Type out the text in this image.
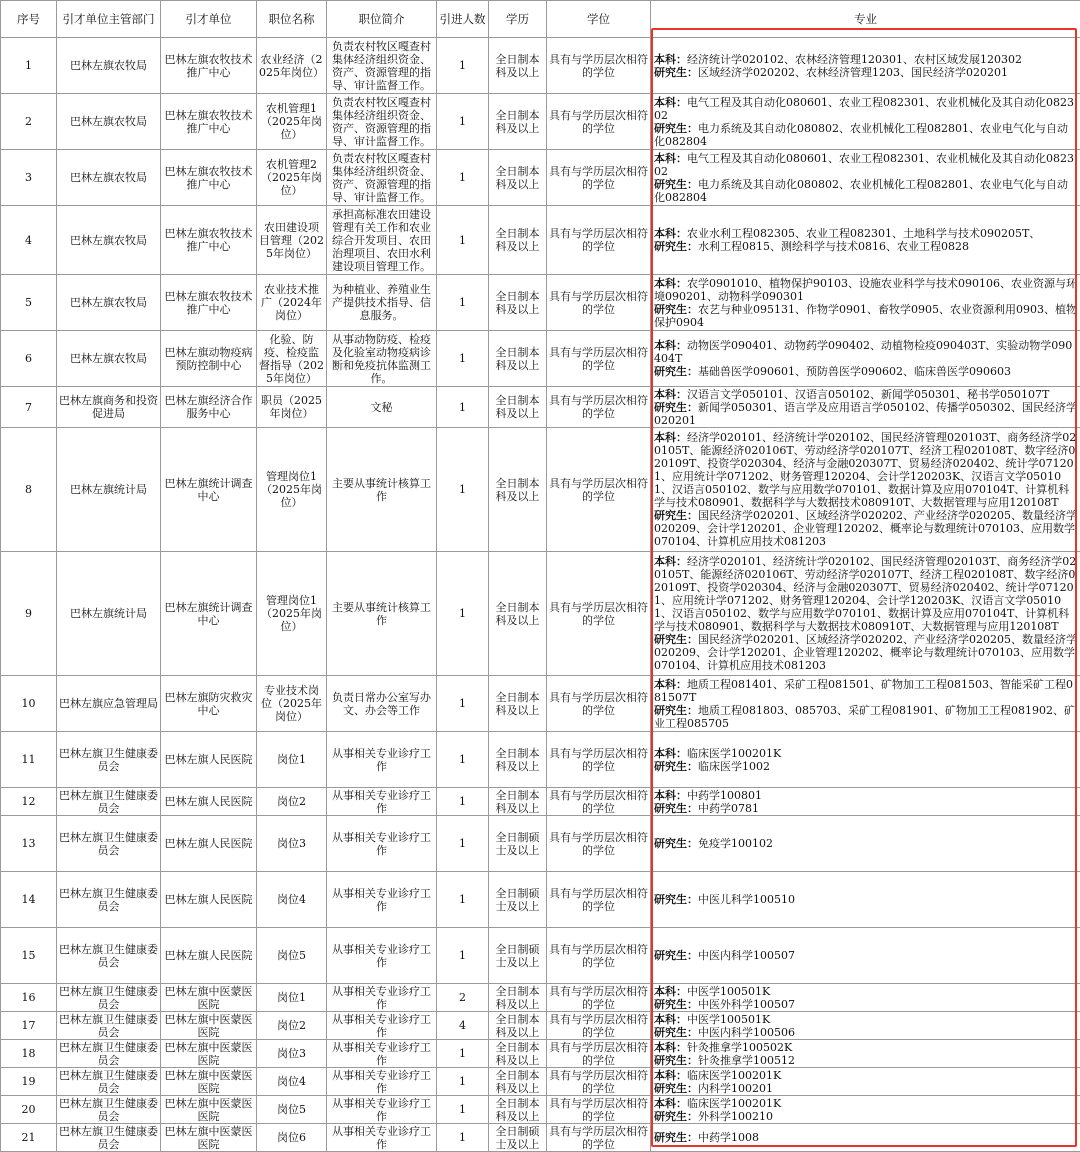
序号	引才单位主管部门	引才单位	职位名称	职位简介	引进人数	学历	学位	专业
1	巴林左旗农牧局	巴林左旗农牧技术推广中心	农业经济（2025年岗位）	负责农村牧区嘎查村集体经济组织资金、资产、资源管理的指导、审计监督工作。	1	全日制本科及以上	具有与学历层次相符的学位	本科：经济统计学020102、农林经济管理120301、农村区域发展120302
研究生：区域经济学020202、农林经济管理1203、国民经济学020201

2	巴林左旗农牧局	巴林左旗农牧技术推广中心	农机管理1（2025年岗位）	负责农村牧区嘎查村集体经济组织资金、资产、资源管理的指导、审计监督工作。	1	全日制本科及以上	具有与学历层次相符的学位	本科：电气工程及其自动化080601、农业工程082301、农业机械化及其自动化082302
研究生：电力系统及其自动化080802、农业机械化工程082801、农业电气化与自动化082804

3	巴林左旗农牧局	巴林左旗农牧技术推广中心	农机管理2（2025年岗位）	负责农村牧区嘎查村集体经济组织资金、资产、资源管理的指导、审计监督工作。	1	全日制本科及以上	具有与学历层次相符的学位	本科：电气工程及其自动化080601、农业工程082301、农业机械化及其自动化082302
研究生：电力系统及其自动化080802、农业机械化工程082801、农业电气化与自动化082804

4	巴林左旗农牧局	巴林左旗农牧技术推广中心	农田建设项目管理（2025年岗位）	承担高标准农田建设管理有关工作和农业综合开发项目、农田治理项目、农田水利建设项目管理工作。	1	全日制本科及以上	具有与学历层次相符的学位	本科：农业水利工程082305、农业工程082301、土地科学与技术090205T、
研究生：水利工程0815、测绘科学与技术0816、农业工程0828

5	巴林左旗农牧局	巴林左旗农牧技术推广中心	农业技术推广（2024年岗位）	为种植业、养殖业生产提供技术指导、信息服务。	1	全日制本科及以上	具有与学历层次相符的学位	本科：农学0901010、植物保护90103、设施农业科学与技术090106、农业资源与环境090201、动物科学090301
研究生：农艺与种业095131、作物学0901、畜牧学0905、农业资源利用0903、植物保护0904

6	巴林左旗农牧局	巴林左旗动物疫病预防控制中心	化验、防疫、检疫监督指导（2025年岗位）	从事动物防疫、检疫及化验室动物疫病诊断和免疫抗体监测工作。	1	全日制本科及以上	具有与学历层次相符的学位	本科：动物医学090401、动物药学090402、动植物检疫090403T、实验动物学090404T
研究生：基础兽医学090601、预防兽医学090602、临床兽医学090603

7	巴林左旗商务和投资促进局	巴林左旗经济合作服务中心	职员（2025年岗位）	文秘	1	全日制本科及以上	具有与学历层次相符的学位	本科：汉语言文学050101、汉语言050102、新闻学050301、秘书学050107T
研究生：新闻学050301、语言学及应用语言学050102、传播学050302、国民经济学020201

8	巴林左旗统计局	巴林左旗统计调查中心	管理岗位1（2025年岗位）	主要从事统计核算工作	1	全日制本科及以上	具有与学历层次相符的学位	本科：经济学020101、经济统计学020102、国民经济管理020103T、商务经济学020105T、能源经济020106T、劳动经济学020107T、经济工程020108T、数字经济020109T、投资学020304、经济与金融020307T、贸易经济020402、统计学071201、应用统计学071202、财务管理120204、会计学120203K、汉语言文学050101、汉语言050102、数学与应用数学070101、数据计算及应用070104T、计算机科学与技术080901、数据科学与大数据技术080910T、大数据管理与应用120108T
研究生：国民经济学020201、区域经济学020202、产业经济学020205、数量经济学020209、会计学120201、企业管理120202、概率论与数理统计070103、应用数学070104、计算机应用技术081203

9	巴林左旗统计局	巴林左旗统计调查中心	管理岗位1（2025年岗位）	主要从事统计核算工作	1	全日制本科及以上	具有与学历层次相符的学位	本科：经济学020101、经济统计学020102、国民经济管理020103T、商务经济学020105T、能源经济020106T、劳动经济学020107T、经济工程020108T、数字经济020109T、投资学020304、经济与金融020307T、贸易经济020402、统计学071201、应用统计学071202、财务管理120204、会计学120203K、汉语言文学050101、汉语言050102、数学与应用数学070101、数据计算及应用070104T、计算机科学与技术080901、数据科学与大数据技术080910T、大数据管理与应用120108T
研究生：国民经济学020201、区域经济学020202、产业经济学020205、数量经济学020209、会计学120201、企业管理120202、概率论与数理统计070103、应用数学070104、计算机应用技术081203

10	巴林左旗应急管理局	巴林左旗防灾救灾中心	专业技术岗位（2025年岗位）	负责日常办公室写办文、办会等工作	1	全日制本科及以上	具有与学历层次相符的学位	本科：地质工程081401、采矿工程081501、矿物加工工程081503、智能采矿工程081507T
研究生：地质工程081803、085703、采矿工程081901、矿物加工工程081902、矿业工程085705

11	巴林左旗卫生健康委员会	巴林左旗人民医院	岗位1	从事相关专业诊疗工作	1	全日制本科及以上	具有与学历层次相符的学位	本科：临床医学100201K
研究生：临床医学1002

12	巴林左旗卫生健康委员会	巴林左旗人民医院	岗位2	从事相关专业诊疗工作	1	全日制本科及以上	具有与学历层次相符的学位	本科：中药学100801
研究生：中药学0781

13	巴林左旗卫生健康委员会	巴林左旗人民医院	岗位3	从事相关专业诊疗工作	1	全日制硕士及以上	具有与学历层次相符的学位	研究生：免疫学100102

14	巴林左旗卫生健康委员会	巴林左旗人民医院	岗位4	从事相关专业诊疗工作	1	全日制硕士及以上	具有与学历层次相符的学位	研究生：中医儿科学100510

15	巴林左旗卫生健康委员会	巴林左旗人民医院	岗位5	从事相关专业诊疗工作	1	全日制硕士及以上	具有与学历层次相符的学位	研究生：中医内科学100507

16	巴林左旗卫生健康委员会	巴林左旗中医蒙医医院	岗位1	从事相关专业诊疗工作	2	全日制本科及以上	具有与学历层次相符的学位	本科：中医学100501K
研究生：中医外科学100507

17	巴林左旗卫生健康委员会	巴林左旗中医蒙医医院	岗位2	从事相关专业诊疗工作	4	全日制本科及以上	具有与学历层次相符的学位	本科：中医学100501K
研究生：中医内科学100506

18	巴林左旗卫生健康委员会	巴林左旗中医蒙医医院	岗位3	从事相关专业诊疗工作	1	全日制本科及以上	具有与学历层次相符的学位	本科：针灸推拿学100502K
研究生：针灸推拿学100512

19	巴林左旗卫生健康委员会	巴林左旗中医蒙医医院	岗位4	从事相关专业诊疗工作	1	全日制本科及以上	具有与学历层次相符的学位	本科：临床医学100201K
研究生：内科学100201

20	巴林左旗卫生健康委员会	巴林左旗中医蒙医医院	岗位5	从事相关专业诊疗工作	1	全日制本科及以上	具有与学历层次相符的学位	本科：临床医学100201K
研究生：外科学100210

21	巴林左旗卫生健康委员会	巴林左旗中医蒙医医院	岗位6	从事相关专业诊疗工作	1	全日制硕士及以上	具有与学历层次相符的学位	研究生：中药学1008
